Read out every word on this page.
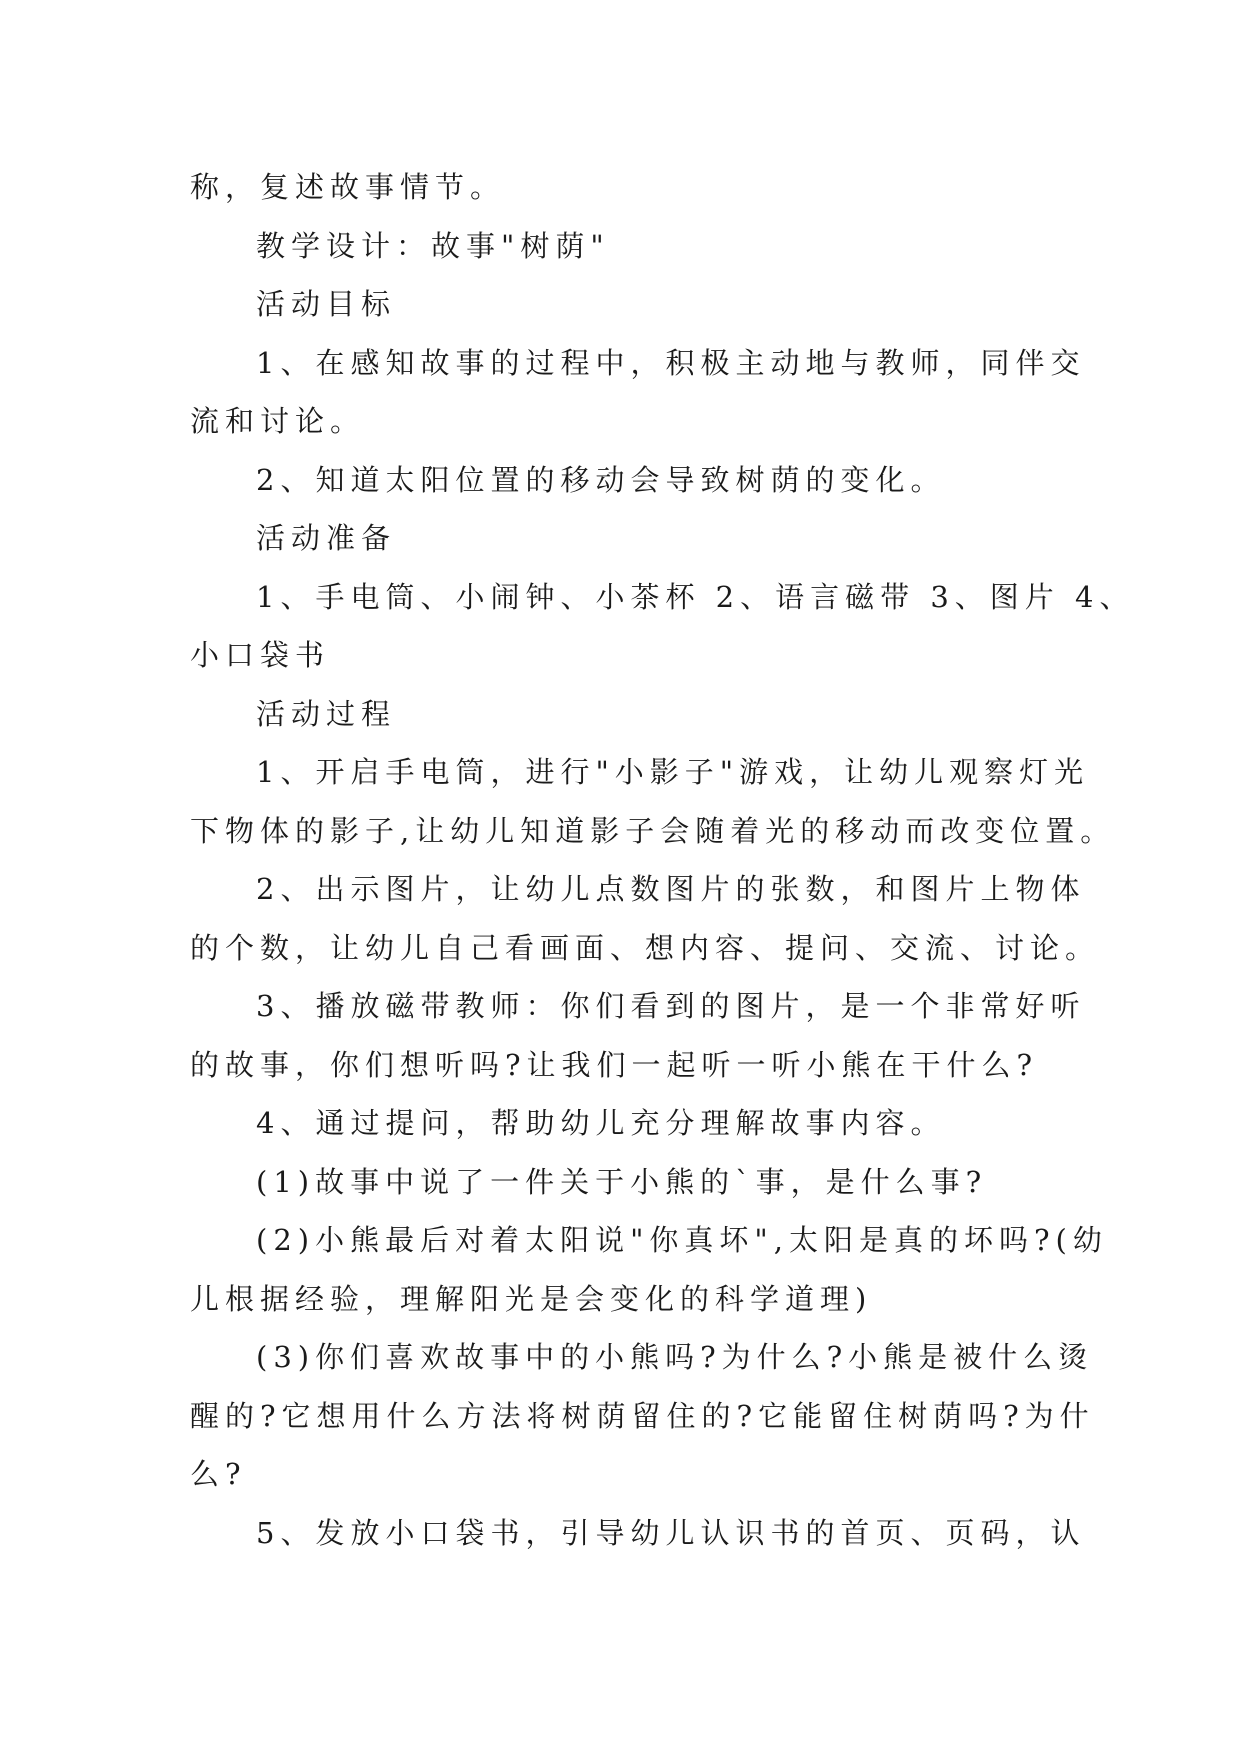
称，复述故事情节。
教学设计：故事"树荫"
活动目标
1、在感知故事的过程中，积极主动地与教师，同伴交
流和讨论。
2、知道太阳位置的移动会导致树荫的变化。
活动准备
1、手电筒、小闹钟、小茶杯 2、语言磁带 3、图片 4、
小口袋书
活动过程
1、开启手电筒，进行"小影子"游戏，让幼儿观察灯光
下物体的影子,让幼儿知道影子会随着光的移动而改变位置。
2、出示图片，让幼儿点数图片的张数，和图片上物体
的个数，让幼儿自己看画面、想内容、提问、交流、讨论。
3、播放磁带教师：你们看到的图片，是一个非常好听
的故事，你们想听吗?让我们一起听一听小熊在干什么?
4、通过提问，帮助幼儿充分理解故事内容。
(1)故事中说了一件关于小熊的`事，是什么事?
(2)小熊最后对着太阳说"你真坏",太阳是真的坏吗?(幼
儿根据经验，理解阳光是会变化的科学道理)
(3)你们喜欢故事中的小熊吗?为什么?小熊是被什么烫
醒的?它想用什么方法将树荫留住的?它能留住树荫吗?为什
么?
5、发放小口袋书，引导幼儿认识书的首页、页码，认
